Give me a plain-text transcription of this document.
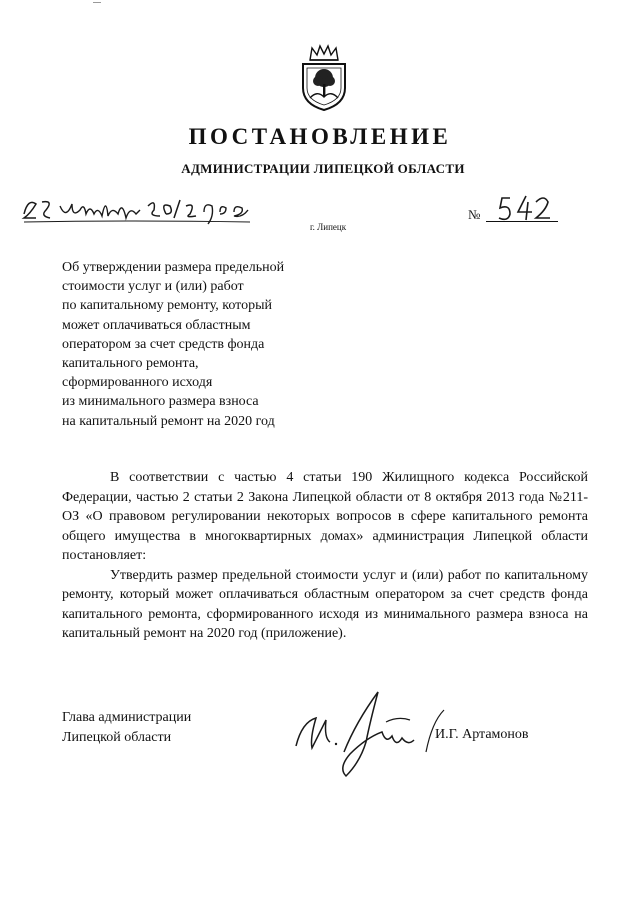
ПОСТАНОВЛЕНИЕ
АДМИНИСТРАЦИИ ЛИПЕЦКОЙ ОБЛАСТИ
г. Липецк
№
Об утверждении размера предельной
стоимости услуг и (или) работ
по капитальному ремонту, который
может оплачиваться областным
оператором за счет средств фонда
капитального ремонта,
сформированного исходя
из минимального размера взноса
на капитальный ремонт на 2020 год

В соответствии с частью 4 статьи 190 Жилищного кодекса Российской Федерации, частью 2 статьи 2 Закона Липецкой области от 8 октября 2013 года №211-ОЗ «О правовом регулировании некоторых вопросов в сфере капитального ремонта общего имущества в многоквартирных домах» администрация Липецкой области постановляет:

Утвердить размер предельной стоимости услуг и (или) работ по капитальному ремонту, который может оплачиваться областным оператором за счет средств фонда капитального ремонта, сформированного исходя из минимального размера взноса на капитальный ремонт на 2020 год (приложение).

Глава администрации
Липецкой области	И.Г. Артамонов
